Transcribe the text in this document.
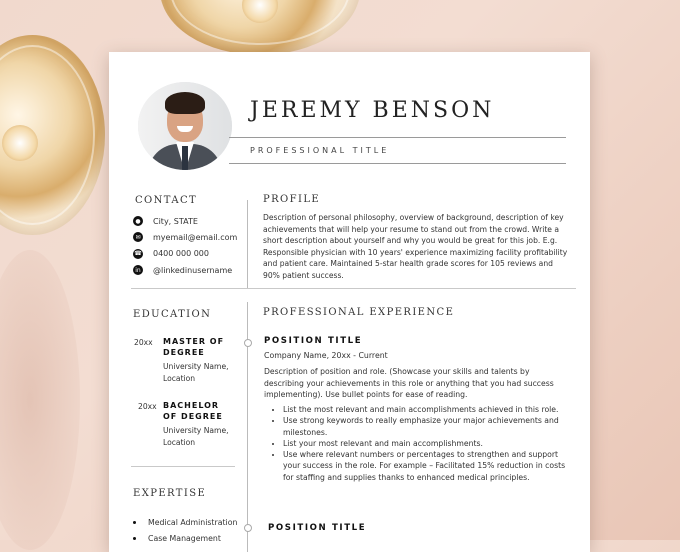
JEREMY BENSON
PROFESSIONAL TITLE
CONTACT
● City, STATE
✉	myemail@email.com
☎ 0400 000 000
in @linkedinusername
PROFILE
Description of personal philosophy, overview of background, description of key achievements that will help your resume to stand out from the crowd. Write a short description about yourself and why you would be great for this job. E.g. Responsible physician with 10 years' experience maximizing facility profitability and patient care. Maintained 5-star health grade scores for 105 reviews and 90% patient success.
EDUCATION
20xx MASTER OF DEGREE
University Name, Location
20xx BACHELOR OF DEGREE
University Name, Location
EXPERTISE
Medical Administration
Case Management
PROFESSIONAL EXPERIENCE
POSITION TITLE
Company Name, 20xx - Current
Description of position and role. (Showcase your skills and talents by describing your achievements in this role or anything that you had success implementing). Use bullet points for ease of reading.
• List the most relevant and main accomplishments achieved in this role.
• Use strong keywords to really emphasize your major achievements and milestones.
• List your most relevant and main accomplishments.
• Use where relevant numbers or percentages to strengthen and support your success in the role. For example – Facilitated 15% reduction in costs for staffing and supplies thanks to enhanced medical principles.
POSITION TITLE
